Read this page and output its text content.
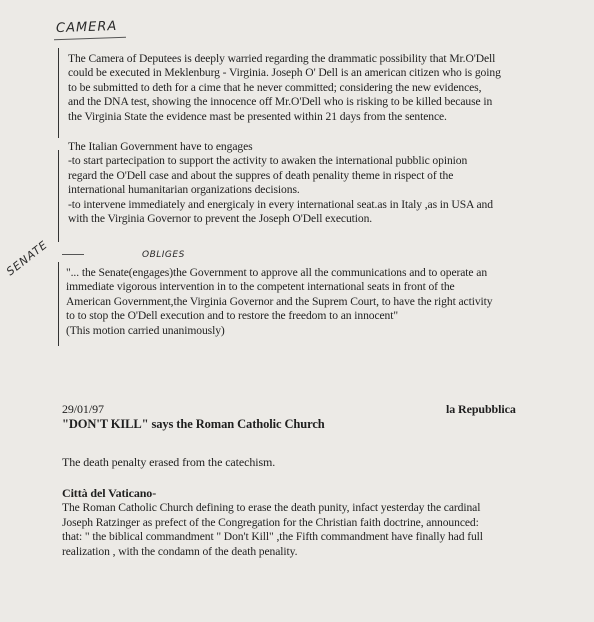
CAMERA
The Camera of Deputees is deeply warried regarding the drammatic possibility that Mr.O'Dell
could be executed in Meklenburg - Virginia. Joseph O' Dell is an american citizen who is going
to be submitted to deth for a cime that he never committed; considering the new evidences,
and the DNA test, showing the innocence off Mr.O'Dell who is risking to be killed because in
the Virginia State the evidence mast be presented within 21 days from the sentence.
The Italian Government have to engages
-to start partecipation to support the activity to awaken the international pubblic opinion
regard the O'Dell case and about the suppres of death penality theme in rispect of the
international humanitarian organizations decisions.
-to intervene immediately and energicaly in every international seat.as in Italy ,as in USA and
with the Virginia Governor to prevent the Joseph O'Dell execution.
SENATE	OBLIGES
"... the Senate(engages)the Government to approve all the communications and to operate an
immediate vigorous intervention in to the competent international seats in front of the
American Government,the Virginia Governor and the Suprem Court, to have the right activity
to to stop the O'Dell execution and to restore the freedom to an innocent"
(This motion carried unanimously)
29/01/97	la Repubblica
"DON'T KILL" says the Roman Catholic Church
The death penalty erased from the catechism.
Città del Vaticano-
The Roman Catholic Church defining to erase the death punity, infact yesterday the cardinal
Joseph Ratzinger as prefect of the Congregation for the Christian faith doctrine, announced:
that: " the biblical commandment " Don't Kill" ,the Fifth commandment have finally had full
realization , with the condamn of the death penality.
